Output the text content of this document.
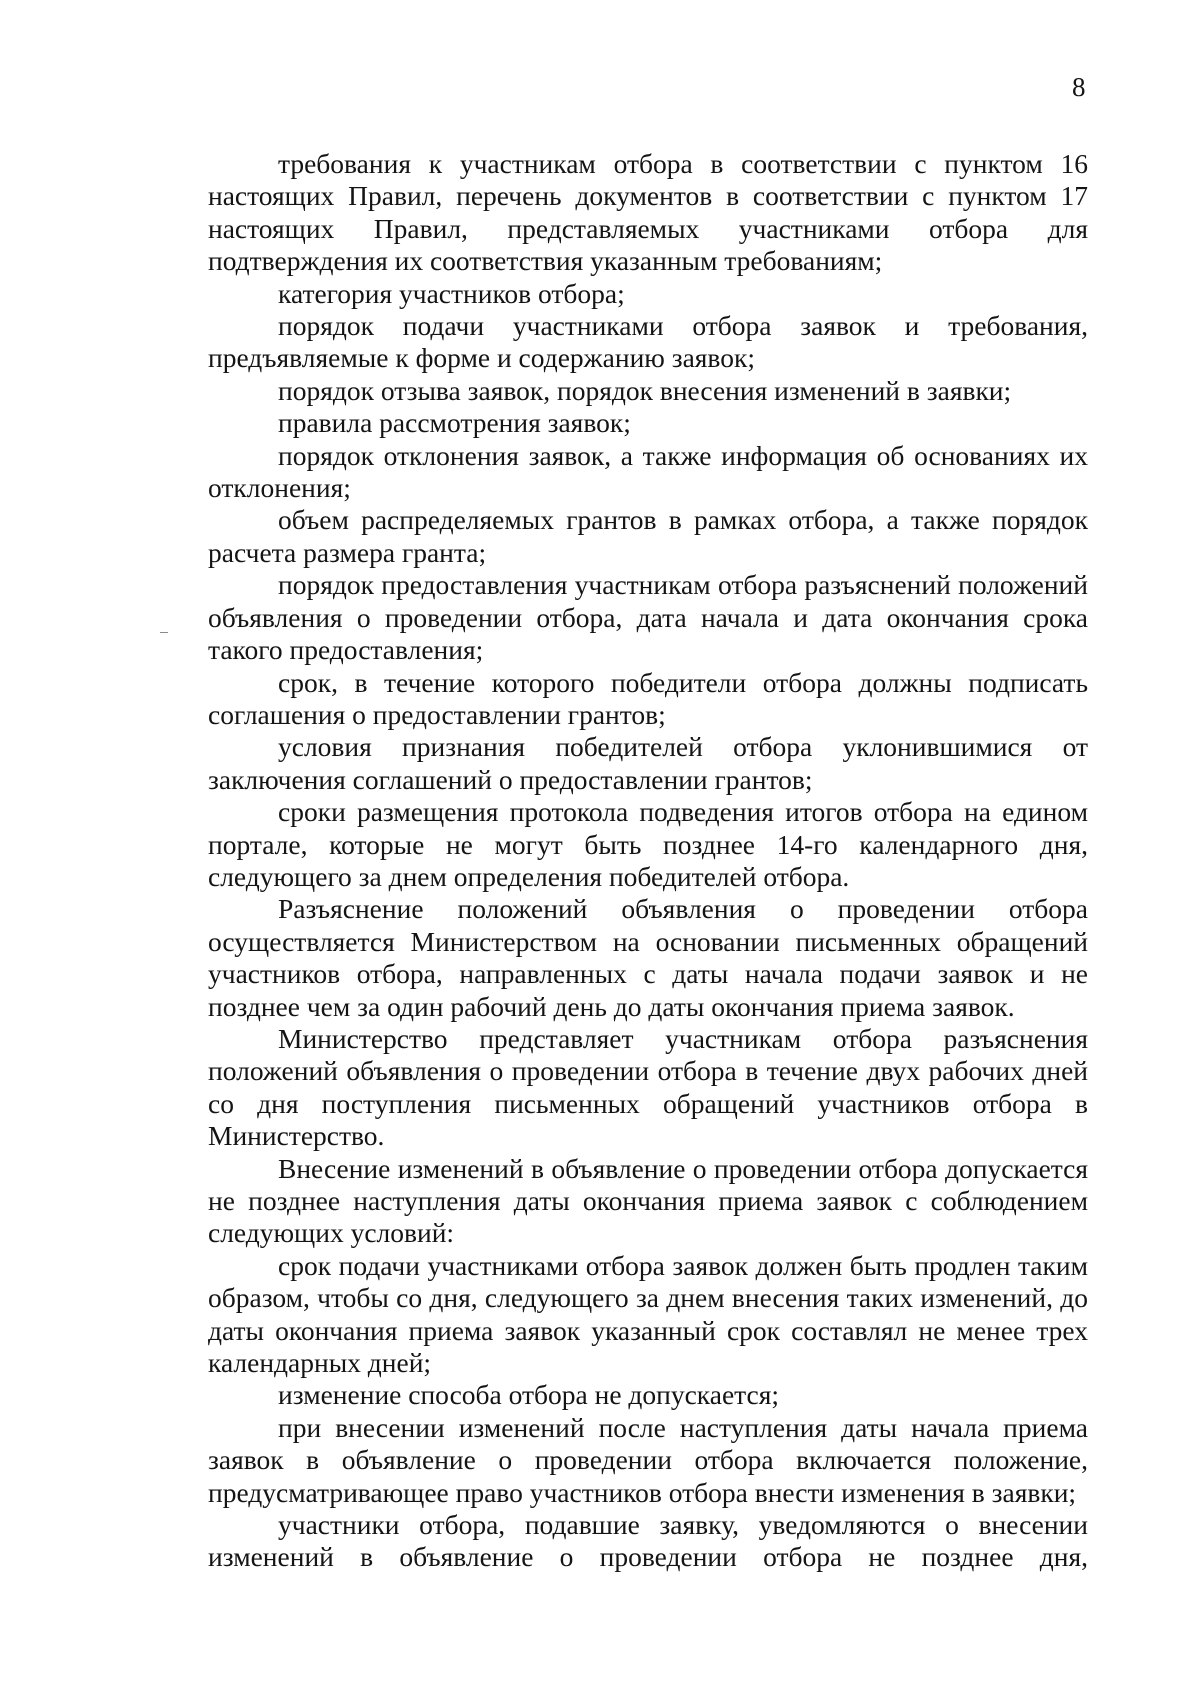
8

требования к участникам отбора в соответствии с пунктом 16 настоящих Правил, перечень документов в соответствии с пунктом 17 настоящих Правил, представляемых участниками отбора для подтверждения их соответствия указанным требованиям;

категория участников отбора;

порядок подачи участниками отбора заявок и требования, предъявляемые к форме и содержанию заявок;

порядок отзыва заявок, порядок внесения изменений в заявки;

правила рассмотрения заявок;

порядок отклонения заявок, а также информация об основаниях их отклонения;

объем распределяемых грантов в рамках отбора, а также порядок расчета размера гранта;

порядок предоставления участникам отбора разъяснений положений объявления о проведении отбора, дата начала и дата окончания срока такого предоставления;

срок, в течение которого победители отбора должны подписать соглашения о предоставлении грантов;

условия признания победителей отбора уклонившимися от заключения соглашений о предоставлении грантов;

сроки размещения протокола подведения итогов отбора на едином портале, которые не могут быть позднее 14-го календарного дня, следующего за днем определения победителей отбора.

Разъяснение положений объявления о проведении отбора осуществляется Министерством на основании письменных обращений участников отбора, направленных с даты начала подачи заявок и не позднее чем за один рабочий день до даты окончания приема заявок.

Министерство представляет участникам отбора разъяснения положений объявления о проведении отбора в течение двух рабочих дней со дня поступления письменных обращений участников отбора в Министерство.

Внесение изменений в объявление о проведении отбора допускается не позднее наступления даты окончания приема заявок с соблюдением следующих условий:

срок подачи участниками отбора заявок должен быть продлен таким образом, чтобы со дня, следующего за днем внесения таких изменений, до даты окончания приема заявок указанный срок составлял не менее трех календарных дней;

изменение способа отбора не допускается;

при внесении изменений после наступления даты начала приема заявок в объявление о проведении отбора включается положение, предусматривающее право участников отбора внести изменения в заявки;

участники отбора, подавшие заявку, уведомляются о внесении изменений в объявление о проведении отбора не позднее дня,
